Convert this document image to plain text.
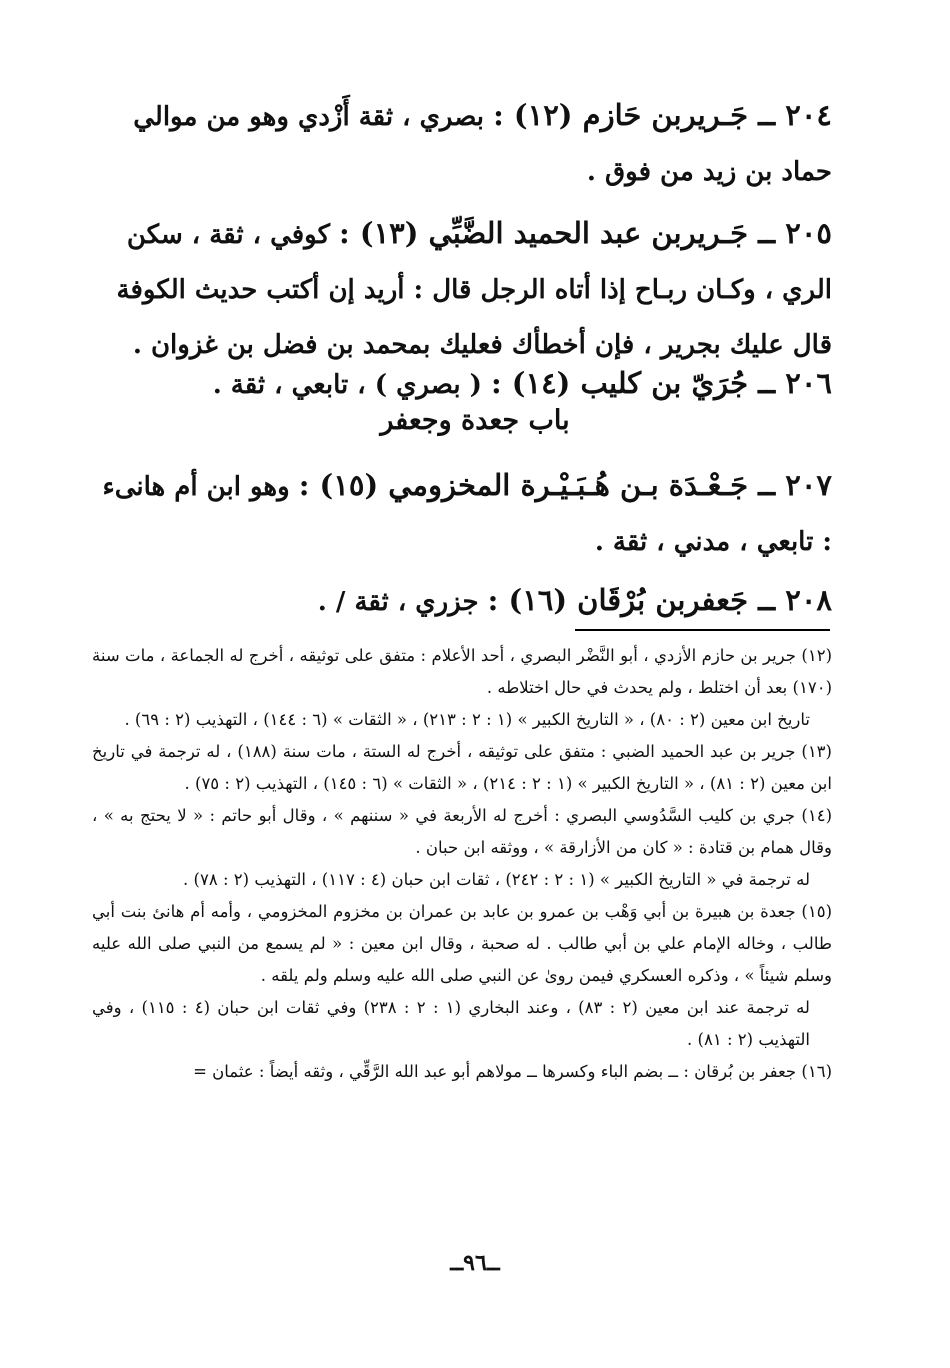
٢٠٤ ــ جَـريربن حَازم (١٢) : بصري ، ثقة أَزْدي وهو من موالي حماد بن زيد من فوق .

٢٠٥ ــ جَـريربن عبد الحميد الضَّبِّي (١٣) : كوفي ، ثقة ، سكن الري ، وكـان ربـاح إذا أتاه الرجل قال : أريد إن أكتب حديث الكوفة قال عليك بجرير ، فإن أخطأك فعليك بمحمد بن فضل بن غزوان .

٢٠٦ ــ جُرَيّ بن كليب (١٤) : ( بصري ) ، تابعي ، ثقة .

باب جعدة وجعفر

٢٠٧ ــ جَـعْـدَة بـن هُـبَـيْـرة المخزومي (١٥) : وهو ابن أم هانىء : تابعي ، مدني ، ثقة .

٢٠٨ ــ جَعفربن بُرْقَان (١٦) : جزري ، ثقة / .

(١٢) جرير بن حازم الأزدي ، أبو النَّضْر البصري ، أحد الأعلام : متفق على توثيقه ، أخرج له الجماعة ، مات سنة (١٧٠) بعد أن اختلط ، ولم يحدث في حال اختلاطه .

تاريخ ابن معين (٢ : ٨٠) ، « التاريخ الكبير » (١ : ٢ : ٢١٣) ، « الثقات » (٦ : ١٤٤) ، التهذيب (٢ : ٦٩) .

(١٣) جرير بن عبد الحميد الضبي : متفق على توثيقه ، أخرج له الستة ، مات سنة (١٨٨) ، له ترجمة في تاريخ ابن معين (٢ : ٨١) ، « التاريخ الكبير » (١ : ٢ : ٢١٤) ، « الثقات » (٦ : ١٤٥) ، التهذيب (٢ : ٧٥) .

(١٤) جري بن كليب السَّدُوسي البصري : أخرج له الأربعة في « سننهم » ، وقال أبو حاتم : « لا يحتج به » ، وقال همام بن قتادة : « كان من الأزارقة » ، ووثقه ابن حبان .

له ترجمة في « التاريخ الكبير » (١ : ٢ : ٢٤٢) ، ثقات ابن حبان (٤ : ١١٧) ، التهذيب (٢ : ٧٨) .

(١٥) جعدة بن هبيرة بن أبي وَهْب بن عمرو بن عابد بن عمران بن مخزوم المخزومي ، وأمه أم هانئ بنت أبي طالب ، وخاله الإمام علي بن أبي طالب . له صحبة ، وقال ابن معين : « لم يسمع من النبي صلى الله عليه وسلم شيئاً » ، وذكره العسكري فيمن روىٰ عن النبي صلى الله عليه وسلم ولم يلقه .

له ترجمة عند ابن معين (٢ : ٨٣) ، وعند البخاري (١ : ٢ : ٢٣٨) وفي ثقات ابن حبان (٤ : ١١٥) ، وفي التهذيب (٢ : ٨١) .

(١٦) جعفر بن بُرقان : ــ بضم الباء وكسرها ــ مولاهم أبو عبد الله الرَّقِّي ، وثقه أيضاً : عثمان =

ــ٩٦ــ
